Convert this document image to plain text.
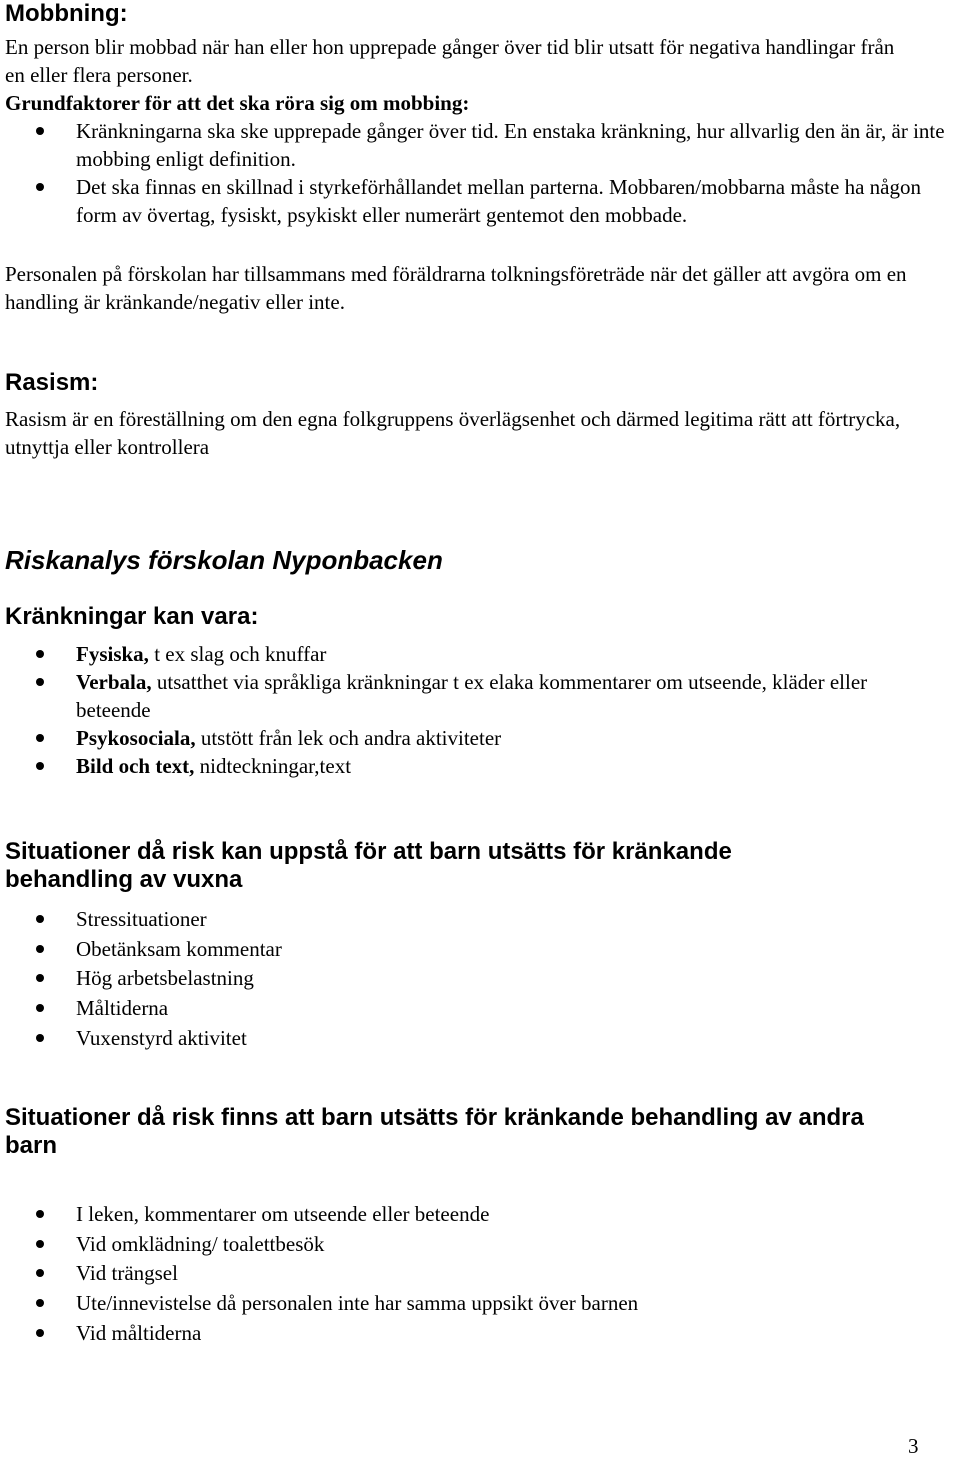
Mobbning:

En person blir mobbad när han eller hon upprepade gånger över tid blir utsatt för negativa handlingar från en eller flera personer.

Grundfaktorer för att det ska röra sig om mobbing:

Kränkningarna ska ske upprepade gånger över tid. En enstaka kränkning, hur allvarlig den än är, är inte mobbing enligt definition.
Det ska finnas en skillnad i styrkeförhållandet mellan parterna. Mobbaren/mobbarna måste ha någon form av övertag, fysiskt, psykiskt eller numerärt gentemot den mobbade.

Personalen på förskolan har tillsammans med föräldrarna tolkningsföreträde när det gäller att avgöra om en handling är kränkande/negativ eller inte.

Rasism:

Rasism är en föreställning om den egna folkgruppens överlägsenhet och därmed legitima rätt att förtrycka, utnyttja eller kontrollera

Riskanalys förskolan Nyponbacken
Kränkningar kan vara:
Fysiska, t ex slag och knuffar
Verbala, utsatthet via språkliga kränkningar t ex elaka kommentarer om utseende, kläder eller beteende
Psykosociala, utstött från lek och andra aktiviteter
Bild och text, nidteckningar,text
Situationer då risk kan uppstå för att barn utsätts för kränkande behandling av vuxna
Stressituationer
Obetänksam kommentar
Hög arbetsbelastning
Måltiderna
Vuxenstyrd aktivitet
Situationer då risk finns att barn utsätts för kränkande behandling av andra barn
I leken, kommentarer om utseende eller beteende
Vid omklädning/ toalettbesök
Vid trängsel
Ute/innevistelse då personalen inte har samma uppsikt över barnen
Vid måltiderna
3
